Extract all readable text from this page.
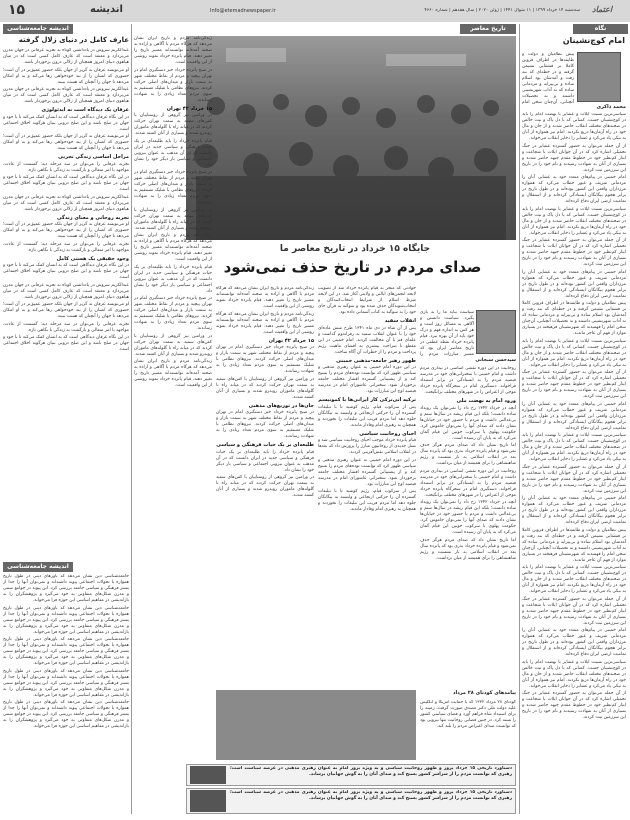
۱۵	اندیشه	Info@etemadnewspaper.ir	سه‌شنبه ۱۴ خرداد ۱۳۹۹ | ۱۱ شوال ۱۴۴۱ | ژوئن ۲۰۲۰ | سال هفدهم | شماره ۴۶۶۰ اعتماد
نگاه
امام کوچ‌نشینان
محمد ذاکری

پیش نظامیان و دولت و طایفه‌ها در اطراف قزوین کاملا بر قشقایی نشیمن گرفته و در خطه‌ای که بنه رفت و آمدشان بود اسلام ساده و بی‌پیرایه و مردمانی ساده که نه آداب شهرنشینی داشتند و نه تحصیلات آنچنانی، آن‌چنان سخن امام

سیاسی‌ترین نسبت ایلات و عشایر با نهضت امام را باید در کوچ‌نشینان جست. کسانی که با دل پاک و نیت خالص در صحنه‌های مختلف انقلاب حاضر شدند و از جان و مال خود در راه آرمان‌ها دریغ نکردند. امام نیز همواره از آنان به نیکی یاد می‌کرد و عشایر را ذخایر انقلاب می‌خواند.

از آن جمله می‌توان به حضور گسترده عشایر در جنگ تحمیلی اشاره کرد که در آن جوانان ایلات با شجاعت و ایثار کم‌نظیر خود در خطوط مقدم جبهه حاضر شدند و بسیاری از آنان به شهادت رسیدند و نام خود را در تاریخ این سرزمین ثبت کردند.

امام خمینی در پیام‌های متعدد خود به عشایر، آنان را مردمانی شریف و غیور خطاب می‌کرد که همواره مرزداران واقعی این کشور بوده‌اند و در طول تاریخ در برابر هجوم بیگانگان ایستادگی کرده‌اند و از استقلال و تمامیت ارضی ایران دفاع کرده‌اند.

سیاسی‌ترین نسبت ایلات و عشایر با نهضت امام را باید در کوچ‌نشینان جست. کسانی که با دل پاک و نیت خالص در صحنه‌های مختلف انقلاب حاضر شدند و از جان و مال خود در راه آرمان‌ها دریغ نکردند. امام نیز همواره از آنان به نیکی یاد می‌کرد و عشایر را ذخایر انقلاب می‌خواند.

از آن جمله می‌توان به حضور گسترده عشایر در جنگ تحمیلی اشاره کرد که در آن جوانان ایلات با شجاعت و ایثار کم‌نظیر خود در خطوط مقدم جبهه حاضر شدند و بسیاری از آنان به شهادت رسیدند و نام خود را در تاریخ این سرزمین ثبت کردند.

امام خمینی در پیام‌های متعدد خود به عشایر، آنان را مردمانی شریف و غیور خطاب می‌کرد که همواره مرزداران واقعی این کشور بوده‌اند و در طول تاریخ در برابر هجوم بیگانگان ایستادگی کرده‌اند و از استقلال و تمامیت ارضی ایران دفاع کرده‌اند.

پیش نظامیان و دولت و طایفه‌ها در اطراف قزوین کاملا بر قشقایی نشیمن گرفته و در خطه‌ای که بنه رفت و آمدشان بود اسلام ساده و بی‌پیرایه و مردمانی ساده که نه آداب شهرنشینی داشتند و نه تحصیلات آنچنانی، آن‌چنان سخن امام را فهمیدند که شهرنشینان فرهیخته در بسیاری موارد از فهم آن عاجز ماندند.

سیاسی‌ترین نسبت ایلات و عشایر با نهضت امام را باید در کوچ‌نشینان جست. کسانی که با دل پاک و نیت خالص در صحنه‌های مختلف انقلاب حاضر شدند و از جان و مال خود در راه آرمان‌ها دریغ نکردند. امام نیز همواره از آنان به نیکی یاد می‌کرد و عشایر را ذخایر انقلاب می‌خواند.

از آن جمله می‌توان به حضور گسترده عشایر در جنگ تحمیلی اشاره کرد که در آن جوانان ایلات با شجاعت و ایثار کم‌نظیر خود در خطوط مقدم جبهه حاضر شدند و بسیاری از آنان به شهادت رسیدند و نام خود را در تاریخ این سرزمین ثبت کردند.

امام خمینی در پیام‌های متعدد خود به عشایر، آنان را مردمانی شریف و غیور خطاب می‌کرد که همواره مرزداران واقعی این کشور بوده‌اند و در طول تاریخ در برابر هجوم بیگانگان ایستادگی کرده‌اند و از استقلال و تمامیت ارضی ایران دفاع کرده‌اند.

سیاسی‌ترین نسبت ایلات و عشایر با نهضت امام را باید در کوچ‌نشینان جست. کسانی که با دل پاک و نیت خالص در صحنه‌های مختلف انقلاب حاضر شدند و از جان و مال خود در راه آرمان‌ها دریغ نکردند. امام نیز همواره از آنان به نیکی یاد می‌کرد و عشایر را ذخایر انقلاب می‌خواند.

از آن جمله می‌توان به حضور گسترده عشایر در جنگ تحمیلی اشاره کرد که در آن جوانان ایلات با شجاعت و ایثار کم‌نظیر خود در خطوط مقدم جبهه حاضر شدند و بسیاری از آنان به شهادت رسیدند و نام خود را در تاریخ این سرزمین ثبت کردند.

امام خمینی در پیام‌های متعدد خود به عشایر، آنان را مردمانی شریف و غیور خطاب می‌کرد که همواره مرزداران واقعی این کشور بوده‌اند و در طول تاریخ در برابر هجوم بیگانگان ایستادگی کرده‌اند و از استقلال و تمامیت ارضی ایران دفاع کرده‌اند.

پیش نظامیان و دولت و طایفه‌ها در اطراف قزوین کاملا بر قشقایی نشیمن گرفته و در خطه‌ای که بنه رفت و آمدشان بود اسلام ساده و بی‌پیرایه و مردمانی ساده که نه آداب شهرنشینی داشتند و نه تحصیلات آنچنانی، آن‌چنان سخن امام را فهمیدند که شهرنشینان فرهیخته در بسیاری موارد از فهم آن عاجز ماندند.

سیاسی‌ترین نسبت ایلات و عشایر با نهضت امام را باید در کوچ‌نشینان جست. کسانی که با دل پاک و نیت خالص در صحنه‌های مختلف انقلاب حاضر شدند و از جان و مال خود در راه آرمان‌ها دریغ نکردند. امام نیز همواره از آنان به نیکی یاد می‌کرد و عشایر را ذخایر انقلاب می‌خواند.

از آن جمله می‌توان به حضور گسترده عشایر در جنگ تحمیلی اشاره کرد که در آن جوانان ایلات با شجاعت و ایثار کم‌نظیر خود در خطوط مقدم جبهه حاضر شدند و بسیاری از آنان به شهادت رسیدند و نام خود را در تاریخ این سرزمین ثبت کردند.

امام خمینی در پیام‌های متعدد خود به عشایر، آنان را مردمانی شریف و غیور خطاب می‌کرد که همواره مرزداران واقعی این کشور بوده‌اند و در طول تاریخ در برابر هجوم بیگانگان ایستادگی کرده‌اند و از استقلال و تمامیت ارضی ایران دفاع کرده‌اند.

سیاسی‌ترین نسبت ایلات و عشایر با نهضت امام را باید در کوچ‌نشینان جست. کسانی که با دل پاک و نیت خالص در صحنه‌های مختلف انقلاب حاضر شدند و از جان و مال خود در راه آرمان‌ها دریغ نکردند. امام نیز همواره از آنان به نیکی یاد می‌کرد و عشایر را ذخایر انقلاب می‌خواند.

از آن جمله می‌توان به حضور گسترده عشایر در جنگ تحمیلی اشاره کرد که در آن جوانان ایلات با شجاعت و ایثار کم‌نظیر خود در خطوط مقدم جبهه حاضر شدند و بسیاری از آنان به شهادت رسیدند و نام خود را در تاریخ این سرزمین ثبت کردند.

تاریخ معاصر
جایگاه ۱۵ خرداد در تاریخ معاصر ما
صدای مردم در تاریخ حذف نمی‌شود
سیدحسن سبحانی

سیاست نباید ما را به بازی بگیرد. سیاست دانستن و آگاهی به مسائل روز است و هر کس به اندازه فهم و درک خود باید از آن بهره ببرد. قیام پانزده خرداد نقطه عطفی در تاریخ معاصر ایران بود که مسیر مبارزات مردم را

روحانیت در این دوره نقشی اساسی در بیداری مردم داشت و امام خمینی با سخنرانی‌های خود در مدرسه فیضیه مردم را به ایستادگی در برابر استبداد فراخواند. دستگیری امام در سحرگاه پانزده خرداد موجی از اعتراض را در شهرهای مختلف برانگیخت.

ورود امام به نهضت ملی

آنچه در خرداد ۱۳۴۲ رخ داد را نمی‌توان یک رویداد ساده دانست؛ بلکه این قیام ریشه در سال‌ها ستم و بی‌عدالتی داشت و مردم با حضور خود در خیابان‌ها نشان دادند که صدای آنها را نمی‌توان خاموش کرد. حکومت پهلوی با سرکوب خونین این قیام گمان می‌کرد که به پایان آن رسیده است.

اما تاریخ نشان داد که صدای مردم هرگز حذف نمی‌شود و قیام پانزده خرداد بذری بود که پانزده سال بعد در انقلاب اسلامی به بار نشست و رژیم شاهنشاهی را برای همیشه از میان برداشت.

روحانیت در این دوره نقشی اساسی در بیداری مردم داشت و امام خمینی با سخنرانی‌های خود در مدرسه فیضیه مردم را به ایستادگی در برابر استبداد فراخواند. دستگیری امام در سحرگاه پانزده خرداد موجی از اعتراض را در شهرهای مختلف برانگیخت.

آنچه در خرداد ۱۳۴۲ رخ داد را نمی‌توان یک رویداد ساده دانست؛ بلکه این قیام ریشه در سال‌ها ستم و بی‌عدالتی داشت و مردم با حضور خود در خیابان‌ها نشان دادند که صدای آنها را نمی‌توان خاموش کرد. حکومت پهلوی با سرکوب خونین این قیام گمان می‌کرد که به پایان آن رسیده است.

اما تاریخ نشان داد که صدای مردم هرگز حذف نمی‌شود و قیام پانزده خرداد بذری بود که پانزده سال بعد در انقلاب اسلامی به بار نشست و رژیم شاهنشاهی را برای همیشه از میان برداشت.

حوادثی که منجر به قیام پانزده خرداد شد از تصویب لایحه انجمن‌های ایالتی و ولایتی آغاز شد. در این لایحه شرط اسلام از شرایط انتخاب‌کنندگان و انتخاب‌شوندگان حذف شده بود و سوگند به قرآن جای خود را به سوگند به کتاب آسمانی داده بود.

انقلاب سفید

پس از آن شاه در دی ماه ۱۳۴۱ طرح شش ماده‌ای خود را با عنوان انقلاب سفید به رفراندوم گذاشت و علمای قم با آن مخالفت کردند. امام خمینی در این مقطع با صراحت بیشتری به افشای ماهیت رژیم پرداخت و مردم را از خطرات آن آگاه ساخت.

ظهور رهبر جامعه-مذهبی خمینی

در این دوره امام خمینی به عنوان رهبری مذهبی و سیاسی ظهور کرد که توانست توده‌های مردم را بسیج کند و از پشتیبانی گسترده اقشار مختلف جامعه برخوردار شود. سخنرانی عاشورای امام در مدرسه فیضیه اوج این مبارزات بود.

ترکیه اتی‌ترکی کار ایرانی‌ها با کمونیسم

پس از سرکوب قیام، رژیم کوشید تا با تبلیغات گسترده آن را حرکتی ارتجاعی و وابسته به بیگانگان جلوه دهد اما مردم فریب این تبلیغات را نخوردند و همچنان به رهبری امام وفادار ماندند.

احیای روحانیت سیاسی

قیام پانزده خرداد موجب احیای روحانیت سیاسی شد و نسل جدیدی از روحانیون مبارز را پرورش داد که بعدها در انقلاب اسلامی نقش‌آفرینی کردند.

در این دوره امام خمینی به عنوان رهبری مذهبی و سیاسی ظهور کرد که توانست توده‌های مردم را بسیج کند و از پشتیبانی گسترده اقشار مختلف جامعه برخوردار شود. سخنرانی عاشورای امام در مدرسه فیضیه اوج این مبارزات بود.

پس از سرکوب قیام، رژیم کوشید تا با تبلیغات گسترده آن را حرکتی ارتجاعی و وابسته به بیگانگان جلوه دهد اما مردم فریب این تبلیغات را نخوردند و همچنان به رهبری امام وفادار ماندند.

زندگی‌نامه مردم و تاریخ ایران نشان می‌دهد که هرگاه مردم با آگاهی و اراده به صحنه آمده‌اند توانسته‌اند مسیر تاریخ را تغییر دهند. قیام پانزده خرداد نمونه روشنی از این واقعیت است.

زندگی‌نامه مردم و تاریخ ایران نشان می‌دهد که هرگاه مردم با آگاهی و اراده به صحنه آمده‌اند توانسته‌اند مسیر تاریخ را تغییر دهند. قیام پانزده خرداد نمونه روشنی از این واقعیت است.

۱۵ خرداد ۴۲ تهران

در صبح پانزده خرداد خبر دستگیری امام در تهران پیچید و مردم از نقاط مختلف شهر به سمت بازار و میدان‌های اصلی حرکت کردند. نیروهای نظامی با شلیک مستقیم به سوی مردم تعداد زیادی را به شهادت رساندند.

در ورامین نیز گروهی از روستاییان با کفن‌های سفید به سمت تهران حرکت کردند که در میانه راه با گلوله‌های ماموران روبه‌رو شدند و بسیاری از آنان کشته شدند.

جان‌ها در توزیع‌های مذهبی

در صبح پانزده خرداد خبر دستگیری امام در تهران پیچید و مردم از نقاط مختلف شهر به سمت بازار و میدان‌های اصلی حرکت کردند. نیروهای نظامی با شلیک مستقیم به سوی مردم تعداد زیادی را به شهادت رساندند.

طلیعه‌ای بر یک حیات فرهنگی و سیاسی

قیام پانزده خرداد را باید طلیعه‌ای بر یک حیات فرهنگی و سیاسی جدید در ایران دانست که در آن مذهب به عنوان نیرویی اجتماعی و سیاسی بار دیگر خود را نشان داد.

در ورامین نیز گروهی از روستاییان با کفن‌های سفید به سمت تهران حرکت کردند که در میانه راه با گلوله‌های ماموران روبه‌رو شدند و بسیاری از آنان کشته شدند.

زندگی‌نامه مردم و تاریخ ایران نشان می‌دهد که هرگاه مردم با آگاهی و اراده به صحنه آمده‌اند توانسته‌اند مسیر تاریخ را تغییر دهند. قیام پانزده خرداد نمونه روشنی از این واقعیت است.

در صبح پانزده خرداد خبر دستگیری امام در تهران پیچید و مردم از نقاط مختلف شهر به سمت بازار و میدان‌های اصلی حرکت کردند. نیروهای نظامی با شلیک مستقیم به سوی مردم تعداد زیادی را به شهادت رساندند.

۱۵ خرداد ۴۲ تهران

در ورامین نیز گروهی از روستاییان با کفن‌های سفید به سمت تهران حرکت کردند که در میانه راه با گلوله‌های ماموران روبه‌رو شدند و بسیاری از آنان کشته شدند.

قیام پانزده خرداد را باید طلیعه‌ای بر یک حیات فرهنگی و سیاسی جدید در ایران دانست که در آن مذهب به عنوان نیرویی اجتماعی و سیاسی بار دیگر خود را نشان داد.

در صبح پانزده خرداد خبر دستگیری امام در تهران پیچید و مردم از نقاط مختلف شهر به سمت بازار و میدان‌های اصلی حرکت کردند. نیروهای نظامی با شلیک مستقیم به سوی مردم تعداد زیادی را به شهادت رساندند.

در ورامین نیز گروهی از روستاییان با کفن‌های سفید به سمت تهران حرکت کردند که در میانه راه با گلوله‌های ماموران روبه‌رو شدند و بسیاری از آنان کشته شدند.

زندگی‌نامه مردم و تاریخ ایران نشان می‌دهد که هرگاه مردم با آگاهی و اراده به صحنه آمده‌اند توانسته‌اند مسیر تاریخ را تغییر دهند. قیام پانزده خرداد نمونه روشنی از این واقعیت است.

قیام پانزده خرداد را باید طلیعه‌ای بر یک حیات فرهنگی و سیاسی جدید در ایران دانست که در آن مذهب به عنوان نیرویی اجتماعی و سیاسی بار دیگر خود را نشان داد.

در صبح پانزده خرداد خبر دستگیری امام در تهران پیچید و مردم از نقاط مختلف شهر به سمت بازار و میدان‌های اصلی حرکت کردند. نیروهای نظامی با شلیک مستقیم به سوی مردم تعداد زیادی را به شهادت رساندند.

در ورامین نیز گروهی از روستاییان با کفن‌های سفید به سمت تهران حرکت کردند که در میانه راه با گلوله‌های ماموران روبه‌رو شدند و بسیاری از آنان کشته شدند.

زندگی‌نامه مردم و تاریخ ایران نشان می‌دهد که هرگاه مردم با آگاهی و اراده به صحنه آمده‌اند توانسته‌اند مسیر تاریخ را تغییر دهند. قیام پانزده خرداد نمونه روشنی از این واقعیت است.

پیامدهای کودتای ۲۸ مرداد

کودتای ۲۸ مرداد ۱۳۳۲ که با حمایت آمریکا و انگلیس علیه دولت ملی دکتر مصدق صورت گرفت، زمینه را برای استبداد شاه فراهم آورد و فضای سیاسی کشور را بسته کرد. در چنین فضایی روحانیت تنها نیرویی بود که توانست صدای اعتراض مردم را بلند کند.

دستاورد تاریخی ۱۵ خرداد بروز و ظهور روحانیت سیاسی و به ویژه بروز امام به عنوان رهبری مذهبی در عرصه سیاست است؛ رهبری که توانست مردم را از سراسر کشور بسیج کند و صدای آنان را به گوش جهانیان برساند.

دستاورد تاریخی ۱۵ خرداد بروز و ظهور روحانیت سیاسی و به ویژه بروز امام به عنوان رهبری مذهبی در عرصه سیاست است؛ رهبری که توانست مردم را از سراسر کشور بسیج کند و صدای آنان را به گوش جهانیان برساند.

اندیشه جامعه‌شناسی
عارف کامل در دنیای زلال گرفته

عبدالکریم سروش در یادداشتی کوتاه به تجربه عرفانی در جهان مدرن می‌پردازد و معتقد است که عارف کامل کسی است که در میان هیاهوی دنیای امروز همچنان از زلالی درون برخوردار باشد.

او می‌نویسد عرفان نه گریز از جهان بلکه حضور عمیق‌تر در آن است؛ حضوری که انسان را از بند خودخواهی رها می‌کند و به او امکان می‌دهد تا جهان را آنچنان که هست ببیند.

عبدالکریم سروش در یادداشتی کوتاه به تجربه عرفانی در جهان مدرن می‌پردازد و معتقد است که عارف کامل کسی است که در میان هیاهوی دنیای امروز همچنان از زلالی درون برخوردار باشد.

عرفان یک دیدگاه است نه ایدئولوژی

در این نگاه عرفان دیدگاهی است که به انسان کمک می‌کند تا با خود و جهان در صلح باشد و این صلح درونی بنیان هرگونه اخلاق اجتماعی است.

او می‌نویسد عرفان نه گریز از جهان بلکه حضور عمیق‌تر در آن است؛ حضوری که انسان را از بند خودخواهی رها می‌کند و به او امکان می‌دهد تا جهان را آنچنان که هست ببیند.

مراحل اساسی زندگی تجربی

تجربه عرفانی را می‌توان در سه مرحله دید: گسست از عادت، مواجهه با امر متعالی و بازگشت به زندگی با نگاهی تازه.

در این نگاه عرفان دیدگاهی است که به انسان کمک می‌کند تا با خود و جهان در صلح باشد و این صلح درونی بنیان هرگونه اخلاق اجتماعی است.

عبدالکریم سروش در یادداشتی کوتاه به تجربه عرفانی در جهان مدرن می‌پردازد و معتقد است که عارف کامل کسی است که در میان هیاهوی دنیای امروز همچنان از زلالی درون برخوردار باشد.

تجربه روحانی و معنای زندگی

او می‌نویسد عرفان نه گریز از جهان بلکه حضور عمیق‌تر در آن است؛ حضوری که انسان را از بند خودخواهی رها می‌کند و به او امکان می‌دهد تا جهان را آنچنان که هست ببیند.

تجربه عرفانی را می‌توان در سه مرحله دید: گسست از عادت، مواجهه با امر متعالی و بازگشت به زندگی با نگاهی تازه.

وجود حقیقی یک هستی کامل

در این نگاه عرفان دیدگاهی است که به انسان کمک می‌کند تا با خود و جهان در صلح باشد و این صلح درونی بنیان هرگونه اخلاق اجتماعی است.

عبدالکریم سروش در یادداشتی کوتاه به تجربه عرفانی در جهان مدرن می‌پردازد و معتقد است که عارف کامل کسی است که در میان هیاهوی دنیای امروز همچنان از زلالی درون برخوردار باشد.

او می‌نویسد عرفان نه گریز از جهان بلکه حضور عمیق‌تر در آن است؛ حضوری که انسان را از بند خودخواهی رها می‌کند و به او امکان می‌دهد تا جهان را آنچنان که هست ببیند.

تجربه عرفانی را می‌توان در سه مرحله دید: گسست از عادت، مواجهه با امر متعالی و بازگشت به زندگی با نگاهی تازه.

در این نگاه عرفان دیدگاهی است که به انسان کمک می‌کند تا با خود و جهان در صلح باشد و این صلح درونی بنیان هرگونه اخلاق اجتماعی است.

اندیشه جامعه‌شناسی

جامعه‌شناسی دین نشان می‌دهد که باورهای دینی در طول تاریخ همواره با تحولات اجتماعی پیوند داشته‌اند و نمی‌توان آنها را جدا از بستر فرهنگی و سیاسی جامعه بررسی کرد. این پیوند در جوامع سنتی و مدرن شکل‌های متفاوتی به خود می‌گیرد و پژوهشگران را به بازاندیشی در مفاهیم اساسی این حوزه فرا می‌خواند.

جامعه‌شناسی دین نشان می‌دهد که باورهای دینی در طول تاریخ همواره با تحولات اجتماعی پیوند داشته‌اند و نمی‌توان آنها را جدا از بستر فرهنگی و سیاسی جامعه بررسی کرد. این پیوند در جوامع سنتی و مدرن شکل‌های متفاوتی به خود می‌گیرد و پژوهشگران را به بازاندیشی در مفاهیم اساسی این حوزه فرا می‌خواند.

جامعه‌شناسی دین نشان می‌دهد که باورهای دینی در طول تاریخ همواره با تحولات اجتماعی پیوند داشته‌اند و نمی‌توان آنها را جدا از بستر فرهنگی و سیاسی جامعه بررسی کرد. این پیوند در جوامع سنتی و مدرن شکل‌های متفاوتی به خود می‌گیرد و پژوهشگران را به بازاندیشی در مفاهیم اساسی این حوزه فرا می‌خواند.

جامعه‌شناسی دین نشان می‌دهد که باورهای دینی در طول تاریخ همواره با تحولات اجتماعی پیوند داشته‌اند و نمی‌توان آنها را جدا از بستر فرهنگی و سیاسی جامعه بررسی کرد. این پیوند در جوامع سنتی و مدرن شکل‌های متفاوتی به خود می‌گیرد و پژوهشگران را به بازاندیشی در مفاهیم اساسی این حوزه فرا می‌خواند.

جامعه‌شناسی دین نشان می‌دهد که باورهای دینی در طول تاریخ همواره با تحولات اجتماعی پیوند داشته‌اند و نمی‌توان آنها را جدا از بستر فرهنگی و سیاسی جامعه بررسی کرد. این پیوند در جوامع سنتی و مدرن شکل‌های متفاوتی به خود می‌گیرد و پژوهشگران را به بازاندیشی در مفاهیم اساسی این حوزه فرا می‌خواند.
